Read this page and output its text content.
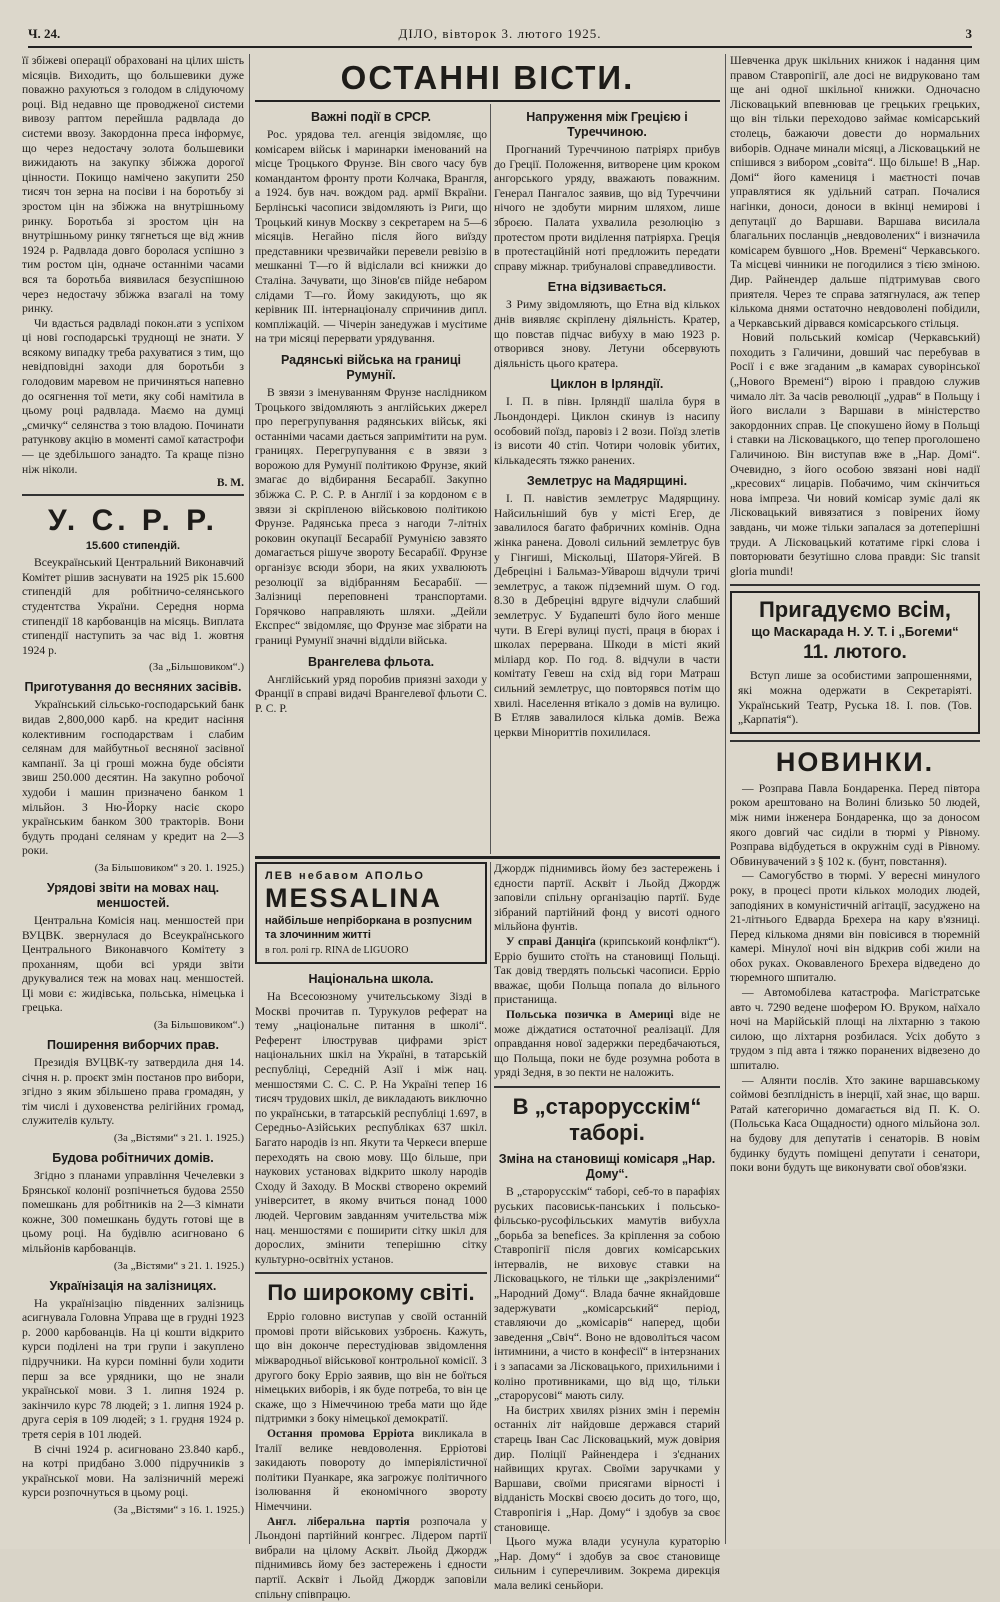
Ч. 24.	ДІЛО, вівторок 3. лютого 1925.	3
ОСТАННІ ВІСТИ.

її збіжеві операції обраховані на цілих шість місяців. Виходить, що большевики дуже поважно рахуються з голодом в слідуючому році. Від недавно ще проводженої системи вивозу раптом перейшла радвлада до системи ввозу. Закордонна преса інформує, що через недостачу золота большевики вижидають на закупку збіжжа дорогої цінности. Покищо намічено закупити 250 тисяч тон зерна на посіви і на боротьбу зі зростом цін на збіжжа на внутрішньому ринку. Боротьба зі зростом цін на внутрішньому ринку тягнеться ще від жнив 1924 р. Радвлада довго боролася успішно з тим ростом цін, одначе останніми часами вся та боротьба виявилася безуспішною через недостачу збіжжа взагалі на тому ринку.

Чи вдасться радвладі покон.ати з успіхом ці нові господарські труднощі не знати. У всякому випадку треба рахуватися з тим, що невідповідні заходи для боротьби з голодовим маревом не причиняться напевно до осягнення тої мети, яку собі намітила в цьому році радвлада. Маємо на думці „смичку“ селянства з тою владою. Починати ратункову акцію в моменті самої катастрофи — це здебільшого занадто. Та краще пізно ніж ніколи.

В. М.
У. С. Р. Р.
15.600 стипендій.

Всеукраїнський Центральний Виконавчий Комітет рішив заснувати на 1925 рік 15.600 стипендій для робітничо-селянського студентства України. Середня норма стипендії 18 карбованців на місяць. Виплата стипендії наступить за час від 1. жовтня 1924 р.

(За „Більшовиком“.)
Приготування до весняних засівів.

Український сільсько-господарський банк видав 2,800,000 карб. на кредит насіння колективним господарствам і слабим селянам для майбутньої весняної засівної кампанії. За ці гроші можна буде обсіяти звиш 250.000 десятин. На закупно робочої худоби і машин призначено банком 1 мільйон. З Ню-Йорку насіє скоро українським банком 300 тракторів. Вони будуть продані селянам у кредит на 2—3 роки.

(За Більшовиком“ з 20. 1. 1925.)
Урядові звіти на мовах нац. меншостей.

Центральна Комісія нац. меншостей при ВУЦВК. звернулася до Всеукраїнського Центрального Виконавчого Комітету з проханням, щоби всі уряди звіти друкувалися теж на мовах нац. меншостей. Ці мови є: жидівська, польська, німецька і грецька.

(За Більшовиком“.)
Поширення виборчих прав.

Президія ВУЦВК-ту затвердила дня 14. січня н. р. проєкт змін постанов про вибори, згідно з яким збільшено права громадян, у тім числі і духовенства релігійних громад, служителів культу.

(За „Вістями“ з 21. 1. 1925.)
Будова робітничих домів.

Згідно з планами управління Чечелевки з Брянської колонії розпічнеться будова 2550 помешкань для робітників на 2—3 кімнати кожне, 300 помешкань будуть готові ще в цьому році. На будівлю асигновано 6 мільйонів карбованців.

(За „Вістями“ з 21. 1. 1925.)
Українізація на залізницях.

На українізацію південних залізниць асигнувала Головна Управа ще в грудні 1923 р. 2000 карбованців. На ці кошти відкрито курси поділені на три групи і закуплено підручники. На курси помінні були ходити перш за все урядники, що не знали української мови. З 1. липня 1924 р. закінчило курс 78 людей; з 1. липня 1924 р. друга серія в 109 людей; з 1. грудня 1924 р. третя серія в 101 людей.

В січні 1924 р. асигновано 23.840 карб., на котрі придбано 3.000 підручників з української мови. На залізничній мережі курси розпочнуться в цьому році.

(За „Вістями“ з 16. 1. 1925.)
Важні події в СРСР.

Рос. урядова тел. агенція звідомляє, що комісарем військ і маринарки іменований на місце Троцького Фрунзе. Він свого часу був командантом фронту проти Колчака, Врангля, а 1924. був нач. вождом рад. армії Вкраїни. Берлінські часописи звідомляють із Риги, що Троцький кинув Москву з секретарем на 5—6 місяців. Негайно після його виїзду представники чрезвичайки перевели ревізію в мешканні Т—го й відіслали всі книжки до Сталіна. Зачувати, що Зінов'єв пійде небаром слідами Т—го. Йому закидують, що як керівник III. інтернаціоналу спричинив дипл. компліжацій. — Чічерін занедужав і мусітиме на три місяці перервати урядування.

Радянські війська на границі Румунії.

В звязи з іменуванням Фрунзе наслідником Троцького звідомляють з англійських джерел про перегрупування радянських військ, які останніми часами дається запримітити на рум. границях. Перегрупування є в звязи з ворожою для Румунії політикою Фрунзе, який змагає до відбирання Бесарабії. Закупно збіжжа С. Р. С. Р. в Англії і за кордоном є в звязи зі скріпленою військовою політикою Фрунзе. Радянська преса з нагоди 7-літніх роковин окупації Бесарабії Румунією завзято домагається рішуче звороту Бесарабії. Фрунзе органiзує всюди збори, на яких ухвалюють резолюції за відібранням Бесарабії. — Залізниці переповнені транспортами. Горячково направляють шляхи. „Дейли Експрес“ звідомляє, що Фрунзе має зібрати на границі Румунії значні відділи війська.

Врангелева фльота.

Англійський уряд поробив приязні заходи у Франції в справі видачі Врангелевої фльоти С. Р. С. Р.

Напруження між Грецією і Туреччиною.

Прогнаний Турeччиною патріярх прибув до Греції. Положення, витворене цим кроком ангорського уряду, вважають поважним. Генерал Пангалос заявив, що від Туреччини нічого не здобути мирним шляхом, лише зброєю. Палата ухвалила резолюцію з протестом проти виділення патріярха. Греція в протестаційній ноті предложить передати справу міжнар. трибуналові справедливости.

Етна відзивається.

З Риму звідомляють, що Етна від кількох днів виявляє скріплену діяльність. Кратер, що повстав підчас вибуху в маю 1923 р. отворився знову. Летуни обсервують діяльність цього кратера.

Циклон в Ірляндії.

І. П. в півн. Ірляндії шаліла буря в Льондондері. Циклон скинув із насипу особовий поїзд, паровіз і 2 вози. Поїзд злетів із висоти 40 стіп. Чотири чоловік убитих, кількадесять тяжко ранених.

Землетрус на Мадярщині.

І. П. навістив землетрус Мадярщину. Найсильніший був у місті Егер, де завалилося багато фабричних комінів. Одна жінка ранена. Доволі сильний землетрус був у Гінгиші, Міскольці, Шаторя-Уйгей. В Дебреціні і Бальмаз-Уйварош відчули тричі землетрус, а також підземний шум. О год. 8.30 в Дебреціні вдруге відчули слабший землетрус. У Будапешті було його менше чути. В Егері вулиці пусті, праця в бюрах і школах перервана. Шкоди в місті який міліард кор. По год. 8. відчули в части комітату Гевеш на схід від гори Матраш сильний землетрус, що повторявся потім що хвилі. Населення втікало з домів на вулицю. В Етляв завалилося кілька домів. Вежа церкви Мінориттів похилилася.

ЛЕВ небавом АПОЛЬО
MESSALINA
найбільше непріборкана в розпусним та злочинним житті
в гол. ролі гр. RINA de LIGUORO
Національна школа.

На Всесоюзному учительському Зізді в Москві прочитав п. Турукулов реферат на тему „національне питання в школі“. Референт ілюстрував цифрами зріст національних шкіл на Україні, в татарській республіці, Середній Азії і між нац. меншостями С. С. С. Р. На Україні тепер 16 тисяч трудових шкіл, де викладають виключно по українськи, в татарській республіці 1.697, в Середньо-Азійських республіках 637 шкіл. Багато народів із нп. Якути та Черкеси вперше переходять на свою мову. Що більше, при наукових установах відкрито школу народів Сходу й Заходу. В Москві створено окремий університет, в якому вчиться понад 1000 людей. Черговим завданням учительства між нац. меншостями є поширити сітку шкіл для дорослих, змінити теперішню сітку культурно-освітніх установ.

По широкому світі.

Ерріо головно виступав у своїй останній промові проти військових узброєнь. Кажуть, що він доконче перестудіював звідомлення міжвародньої військової контрольної комісії. З другого боку Ерріо заявив, що він не боїться німецьких виборів, і як буде потреба, то він це скаже, що з Німеччиною треба мати що йде підтримки з боку німецької демократії.

Остання промова Ерріота викликала в Італії велике невдоволення. Ерріотові закидають повороту до імперіялістичної політики Пуанкаре, яка загрожує політичного ізолювання й економічного звороту Німеччини.

Англ. ліберальна партія розпочала у Льондоні партійний конгрес. Лідером партії вибрали на цілому Асквіт. Льойд Джордж піднимивсь йому без застережень і єдности партії. Асквіт і Льойд Джордж заповіли спільну співпрацю.

Джордж піднимивсь йому без застережень і єдности партії. Асквіт і Льойд Джордж заповіли спільну організацію партії. Буде зібраний партійний фонд у висоті одного мільйона фунтів.

У справі Данціґа (крипськоий конфлікт“). Ерріо бушито стоїть на становищі Польщі. Так довід твердять польські часописи. Ерріо вважає, щоби Польща попала до вільного пристанища.

Польська позичка в Америці віде не може діждатися остаточної реалізації. Для оправдання нової задержки передбачаються, що Польща, поки не буде розумна робота в уряді Зедня, в зо пекти не наложить.

В „старорусскім“ таборі.
Зміна на становищі комісаря „Нар. Дому“.

В „старорусскім“ таборі, себ-то в парафіях руських пасовиськ-панських і польсько-фільсько-русофільських мамутів вибухла „борьба за benefices. За кріплення за собою Ставропігії після довгих комісарських інтервалів, не виховує ставки на Лісковацького, не тільки ще „закрізленими“ „Народний Дому“. Влада бачне якнайдовше задержувати „комісарський“ період, ставляючи до „комісарів“ наперед, щоби заведення „Свіч“. Воно не вдоволіться часом інтимнини, а чисто в конфесії“ в інтерзнаних і з запасами за Лісковацького, прихильними і коліно противниками, що від що, тільки „старорусові“ мають силу.

На бистрих хвилях різних змін і перемін останніх літ найдовше держався старий старець Іван Сас Лісковацький, муж довірия дир. Поліції Райнендера і з'єднаних найвищих кругах. Своїми заручками у Варшави, своїми присягами вірності і відданість Москві своєю досить до того, що, Ставропігія і „Нар. Дому“ і здобув за своє становище.

Цього мужа влади усунула кураторію „Нар. Дому“ і здобув за своє становище сильним і суперечливим. Зокрема дирекція мала великі сеньйори.

Шевченка друк шкільних книжок і надання цим правом Ставропігії, але досі не видруковано там ще ані одної шкільної книжки. Одночасно Лісковацький впевнював це грецьких грецьких, що він тільки переходово займає комісарський столець, бажаючи довести до нормальних виборів. Одначе минали місяці, а Лісковацький не спішився з вибором „совіта“. Що більше! В „Нар. Домі“ його камениця і маєтності почав управлятися як удільний сатрап. Почалися нагінки, доноси, доноси в вкінці немирові і депутації до Варшави. Варшава висилала благальних посланців „невдоволених“ і визначила комісарем бувшого „Нов. Времені“ Черкавського. Та місцеві чинники не погодилися з тією зміною. Дир. Райнендер дальше підтримував свого приятеля. Через те справа затягнулася, аж тепер кількома днями остаточно невдоволені побідили, а Черкавський дірвався комісарського стільця.

Новий польський комісар (Черкавський) походить з Галичини, довший час перебував в Росії і є вже згаданим „в камарах суворінської („Нового Времені“) вірою і правдою служив чимало літ. За часів революції „удрав“ в Польщу і його вислали з Варшави в міністерство закордонних справ. Це спокушено йому в Польщі і ставки на Лісковацького, що тепер проголошено Галичиною. Він виступав вже в „Нар. Домі“. Очевидно, з його особою звязані нові надії „кресових“ лицарів. Побачимо, чим скінчиться нова імпреза. Чи новий комісар зуміє далі як Лісковацький вивязатися з повірених йому завдань, чи може тільки запалася за дотеперішні труди. А Лісковацький котатиме гіркі слова і повторювати безутішно слова правди: Sic transit gloria mundi!

Пригадуємо всім,
що Маскарада Н. У. Т. і „Богеми“
11. лютого.

Вступ лише за особистими запрошеннями, які можна одержати в Секретаріяті. Український Театр, Руська 18. І. пов. (Тов. „Карпатія“).

НОВИНКИ.

— Розправа Павла Бондаренка. Перед півтора роком арештовано на Волині близько 50 людей, між ними інженера Бондаренка, що за доносом якого довгий час сиділи в тюрмі у Рівному. Розправа відбудеться в окружнім суді в Рівному. Обвинувачений з § 102 к. (бунт, повстання).

— Самогубство в тюрмі. У вересні минулого року, в процесі проти кількох молодих людей, заподіяних в комуністичній агітації, засуджено на 21-літнього Едварда Брехера на кару в'язниці. Перед кількома днями він повісився в тюремній камері. Мінулої ночі він відкрив собі жили на обох руках. Оковавленого Брехера відведено до тюремного шпиталю.

— Автомобілева катастрофа. Магістратське авто ч. 7290 ведене шофером Ю. Вруком, наїхало ночі на Марійській площі на ліхтарню з такою силою, що ліхтарня розбилася. Усіх добуто з трудом з під авта і тяжко поранених відвезено до шпиталю.

— Алянти послів. Хто закине варшавському соймові безплідність в інерції, хай знає, що варш. Ратай категорично домагається від П. К. О. (Польська Каса Ощадности) одного мільйона зол. на будову для депутатів і сенаторів. В новім будинку будуть поміщені депутати і сенатори, поки вони будуть ще виконувати свої обов'язки.
